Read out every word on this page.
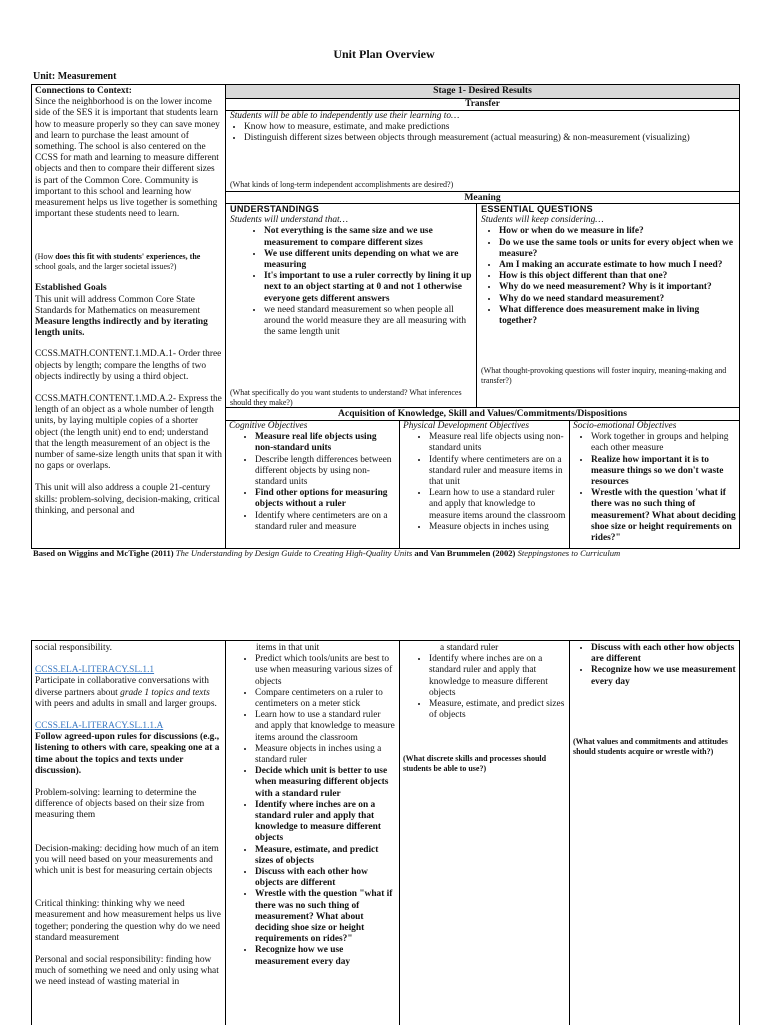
Unit Plan Overview
Unit: Measurement

Connections to Context:

Since the neighborhood is on the lower income side of the SES it is important that students learn how to measure properly so they can save money and learn to purchase the least amount of something. The school is also centered on the CCSS for math and learning to measure different objects and then to compare their different sizes is part of the Common Core. Community is important to this school and learning how measurement helps us live together is something important these students need to learn.

(How does this fit with students' experiences, the school goals, and the larger societal issues?)

Established Goals

This unit will address Common Core State Standards for Mathematics on measurement

Measure lengths indirectly and by iterating length units.

CCSS.MATH.CONTENT.1.MD.A.1- Order three objects by length; compare the lengths of two objects indirectly by using a third object.

CCSS.MATH.CONTENT.1.MD.A.2- Express the length of an object as a whole number of length units, by laying multiple copies of a shorter object (the length unit) end to end; understand that the length measurement of an object is the number of same-size length units that span it with no gaps or overlaps.

This unit will also address a couple 21-century skills: problem-solving, decision-making, critical thinking, and personal and

Stage 1- Desired Results
Transfer

Students will be able to independently use their learning to…

• Know how to measure, estimate, and make predictions
• Distinguish different sizes between objects through measurement (actual measuring) & non-measurement (visualizing)

(What kinds of long-term independent accomplishments are desired?)

Meaning

UNDERSTANDINGS

Students will understand that…

• Not everything is the same size and we use measurement to compare different sizes
• We use different units depending on what we are measuring
• It's important to use a ruler correctly by lining it up next to an object starting at 0 and not 1 otherwise everyone gets different answers
• we need standard measurement so when people all around the world measure they are all measuring with the same length unit

(What specifically do you want students to understand? What inferences should they make?)

ESSENTIAL QUESTIONS

Students will keep considering…

• How or when do we measure in life?
• Do we use the same tools or units for every object when we measure?
• Am I making an accurate estimate to how much I need?
• How is this object different than that one?
• Why do we need measurement? Why is it important?
• Why do we need standard measurement?
• What difference does measurement make in living together?

(What thought-provoking questions will foster inquiry, meaning-making and transfer?)

Acquisition of Knowledge, Skill and Values/Commitments/Dispositions

Cognitive Objectives

• Measure real life objects using non-standard units
• Describe length differences between different objects by using non-standard units
• Find other options for measuring objects without a ruler
• Identify where centimeters are on a standard ruler and measure

Physical Development Objectives

• Measure real life objects using non-standard units
• Identify where centimeters are on a standard ruler and measure items in that unit
• Learn how to use a standard ruler and apply that knowledge to measure items around the classroom
• Measure objects in inches using

Socio-emotional Objectives

• Work together in groups and helping each other measure
• Realize how important it is to measure things so we don't waste resources
• Wrestle with the question 'what if there was no such thing of measurement? What about deciding shoe size or height requirements on rides?"
Based on Wiggins and McTighe (2011) The Understanding by Design Guide to Creating High-Quality Units and Van Brummelen (2002) Steppingstones to Curriculum

social responsibility.

CCSS.ELA-LITERACY.SL.1.1

Participate in collaborative conversations with diverse partners about grade 1 topics and texts with peers and adults in small and larger groups.

CCSS.ELA-LITERACY.SL.1.1.A

Follow agreed-upon rules for discussions (e.g., listening to others with care, speaking one at a time about the topics and texts under discussion).

Problem-solving: learning to determine the difference of objects based on their size from measuring them

Decision-making: deciding how much of an item you will need based on your measurements and which unit is best for measuring certain objects

Critical thinking: thinking why we need measurement and how measurement helps us live together; pondering the question why do we need standard measurement

Personal and social responsibility: finding how much of something we need and only using what we need instead of wasting material in

items in that unit

• Predict which tools/units are best to use when measuring various sizes of objects
• Compare centimeters on a ruler to centimeters on a meter stick
• Learn how to use a standard ruler and apply that knowledge to measure items around the classroom
• Measure objects in inches using a standard ruler
• Decide which unit is better to use when measuring different objects with a standard ruler
• Identify where inches are on a standard ruler and apply that knowledge to measure different objects
• Measure, estimate, and predict sizes of objects
• Discuss with each other how objects are different
• Wrestle with the question "what if there was no such thing of measurement? What about deciding shoe size or height requirements on rides?"
• Recognize how we use measurement every day

a standard ruler

• Identify where inches are on a standard ruler and apply that knowledge to measure different objects
• Measure, estimate, and predict sizes of objects

(What discrete skills and processes should students be able to use?)

• Discuss with each other how objects are different
• Recognize how we use measurement every day

(What values and commitments and attitudes should students acquire or wrestle with?)
